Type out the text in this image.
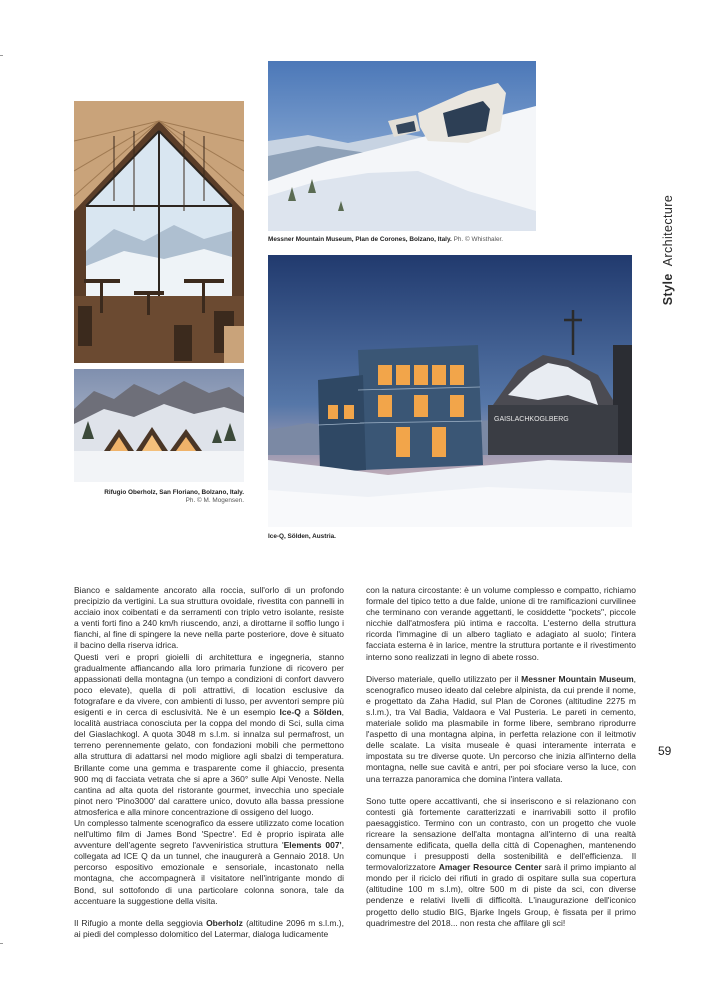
GAISLACHKOGLBERG
Messner Mountain Museum, Plan de Corones, Bolzano, Italy. Ph. © Whisthaler.
Rifugio Oberholz, San Floriano, Bolzano, Italy.
Ph. © M. Mogensen.
Ice-Q, Sölden, Austria.
StyleArchitecture
59

Bianco e saldamente ancorato alla roccia, sull'orlo di un profondo precipizio da vertigini. La sua struttura ovoidale, rivestita con pannelli in acciaio inox coibentati e da serramenti con triplo vetro isolante, resiste a venti forti fino a 240 km/h riuscendo, anzi, a dirottarne il soffio lungo i fianchi, al fine di spingere la neve nella parte posteriore, dove è situato il bacino della riserva idrica.

Questi veri e propri gioielli di architettura e ingegneria, stanno gradualmente affiancando alla loro primaria funzione di ricovero per appassionati della montagna (un tempo a condizioni di confort davvero poco elevate), quella di poli attrattivi, di location esclusive da fotografare e da vivere, con ambienti di lusso, per avventori sempre più esigenti e in cerca di esclusività. Ne è un esempio Ice-Q a Sölden, località austriaca conosciuta per la coppa del mondo di Sci, sulla cima del Giaslachkogl. A quota 3048 m s.l.m. si innalza sul permafrost, un terreno perennemente gelato, con fondazioni mobili che permettono alla struttura di adattarsi nel modo migliore agli sbalzi di temperatura. Brillante come una gemma e trasparente come il ghiaccio, presenta 900 mq di facciata vetrata che si apre a 360° sulle Alpi Venoste. Nella cantina ad alta quota del ristorante gourmet, invecchia uno speciale pinot nero 'Pino3000' dal carattere unico, dovuto alla bassa pressione atmosferica e alla minore concentrazione di ossigeno del luogo.

Un complesso talmente scenografico da essere utilizzato come location nell'ultimo film di James Bond 'Spectre'. Ed è proprio ispirata alle avventure dell'agente segreto l'avveniristica struttura 'Elements 007', collegata ad ICE Q da un tunnel, che inaugurerà a Gennaio 2018. Un percorso espositivo emozionale e sensoriale, incastonato nella montagna, che accompagnerà il visitatore nell'intrigante mondo di Bond, sul sottofondo di una particolare colonna sonora, tale da accentuare la suggestione della visita.

Il Rifugio a monte della seggiovia Oberholz (altitudine 2096 m s.l.m.), ai piedi del complesso dolomitico del Latermar, dialoga ludicamente

con la natura circostante: è un volume complesso e compatto, richiamo formale del tipico tetto a due falde, unione di tre ramificazioni curvilinee che terminano con verande aggettanti, le cosiddette "pockets", piccole nicchie dall'atmosfera più intima e raccolta. L'esterno della struttura ricorda l'immagine di un albero tagliato e adagiato al suolo; l'intera facciata esterna è in larice, mentre la struttura portante e il rivestimento interno sono realizzati in legno di abete rosso.

Diverso materiale, quello utilizzato per il Messner Mountain Museum, scenografico museo ideato dal celebre alpinista, da cui prende il nome, e progettato da Zaha Hadid, sul Plan de Corones (altitudine 2275 m s.l.m.), tra Val Badia, Valdaora e Val Pusteria. Le pareti in cemento, materiale solido ma plasmabile in forme libere, sembrano riprodurre l'aspetto di una montagna alpina, in perfetta relazione con il leitmotiv delle scalate. La visita museale è quasi interamente interrata e impostata su tre diverse quote. Un percorso che inizia all'interno della montagna, nelle sue cavità e antri, per poi sfociare verso la luce, con una terrazza panoramica che domina l'intera vallata.

Sono tutte opere accattivanti, che si inseriscono e si relazionano con contesti già fortemente caratterizzati e inarrivabili sotto il profilo paesaggistico. Termino con un contrasto, con un progetto che vuole ricreare la sensazione dell'alta montagna all'interno di una realtà densamente edificata, quella della città di Copenaghen, mantenendo comunque i presupposti della sostenibilità e dell'efficienza. Il termovalorizzatore Amager Resource Center sarà il primo impianto al mondo per il riciclo dei rifiuti in grado di ospitare sulla sua copertura (altitudine 100 m s.l.m), oltre 500 m di piste da sci, con diverse pendenze e relativi livelli di difficoltà. L'inaugurazione dell'iconico progetto dello studio BIG, Bjarke Ingels Group, è fissata per il primo quadrimestre del 2018... non resta che affilare gli sci!
